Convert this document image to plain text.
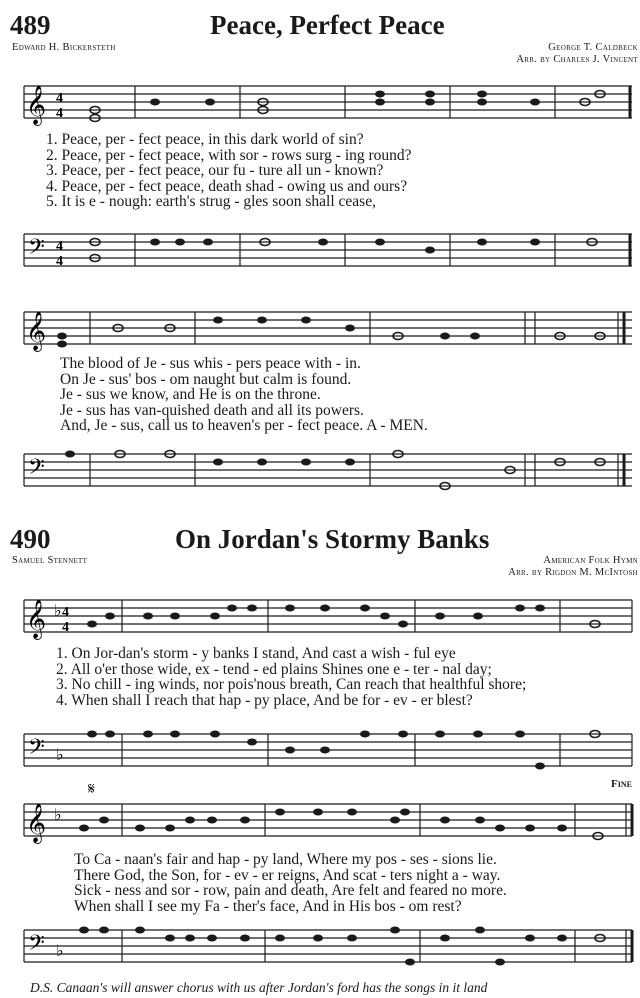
489	Peace, Perfect Peace
Edward H. Bickersteth	George T. Caldbeck
Arr. by Charles J. Vincent
𝄞 4
4
1. Peace, per - fect peace, in this dark world of sin?
2. Peace, per - fect peace, with sor - rows surg - ing round?
3. Peace, per - fect peace, our fu - ture all un - known?
4. Peace, per - fect peace, death shad - owing us and ours?
5. It is e - nough: earth's strug - gles soon shall cease,
𝄢 4
4
𝄞
The blood of Je - sus whis - pers peace with - in.
On Je - sus' bos - om naught but calm is found.
Je - sus we know, and He is on the throne.
Je - sus has van-quished death and all its powers.
And, Je - sus, call us to heaven's per - fect peace. A - MEN.
𝄢
490	On Jordan's Stormy Banks
Samuel Stennett	American Folk Hymn
Arr. by Rigdon M. McIntosh
𝄞 ♭ 4
4
1. On Jor-dan's storm - y banks I stand, And cast a wish - ful eye
2. All o'er those wide, ex - tend - ed plains Shines one e - ter - nal day;
3. No chill - ing winds, nor pois'nous breath, Can reach that healthful shore;
4. When shall I reach that hap - py place, And be for - ev - er blest?
𝄢 ♭
Fine
𝄞 ♭
𝄋
To Ca - naan's fair and hap - py land, Where my pos - ses - sions lie.
There God, the Son, for - ev - er reigns, And scat - ters night a - way.
Sick - ness and sor - row, pain and death, Are felt and feared no more.
When shall I see my Fa - ther's face, And in His bos - om rest?
𝄢 ♭
D.S. Canaan's will answer chorus with us after Jordan's ford has the songs in it land
